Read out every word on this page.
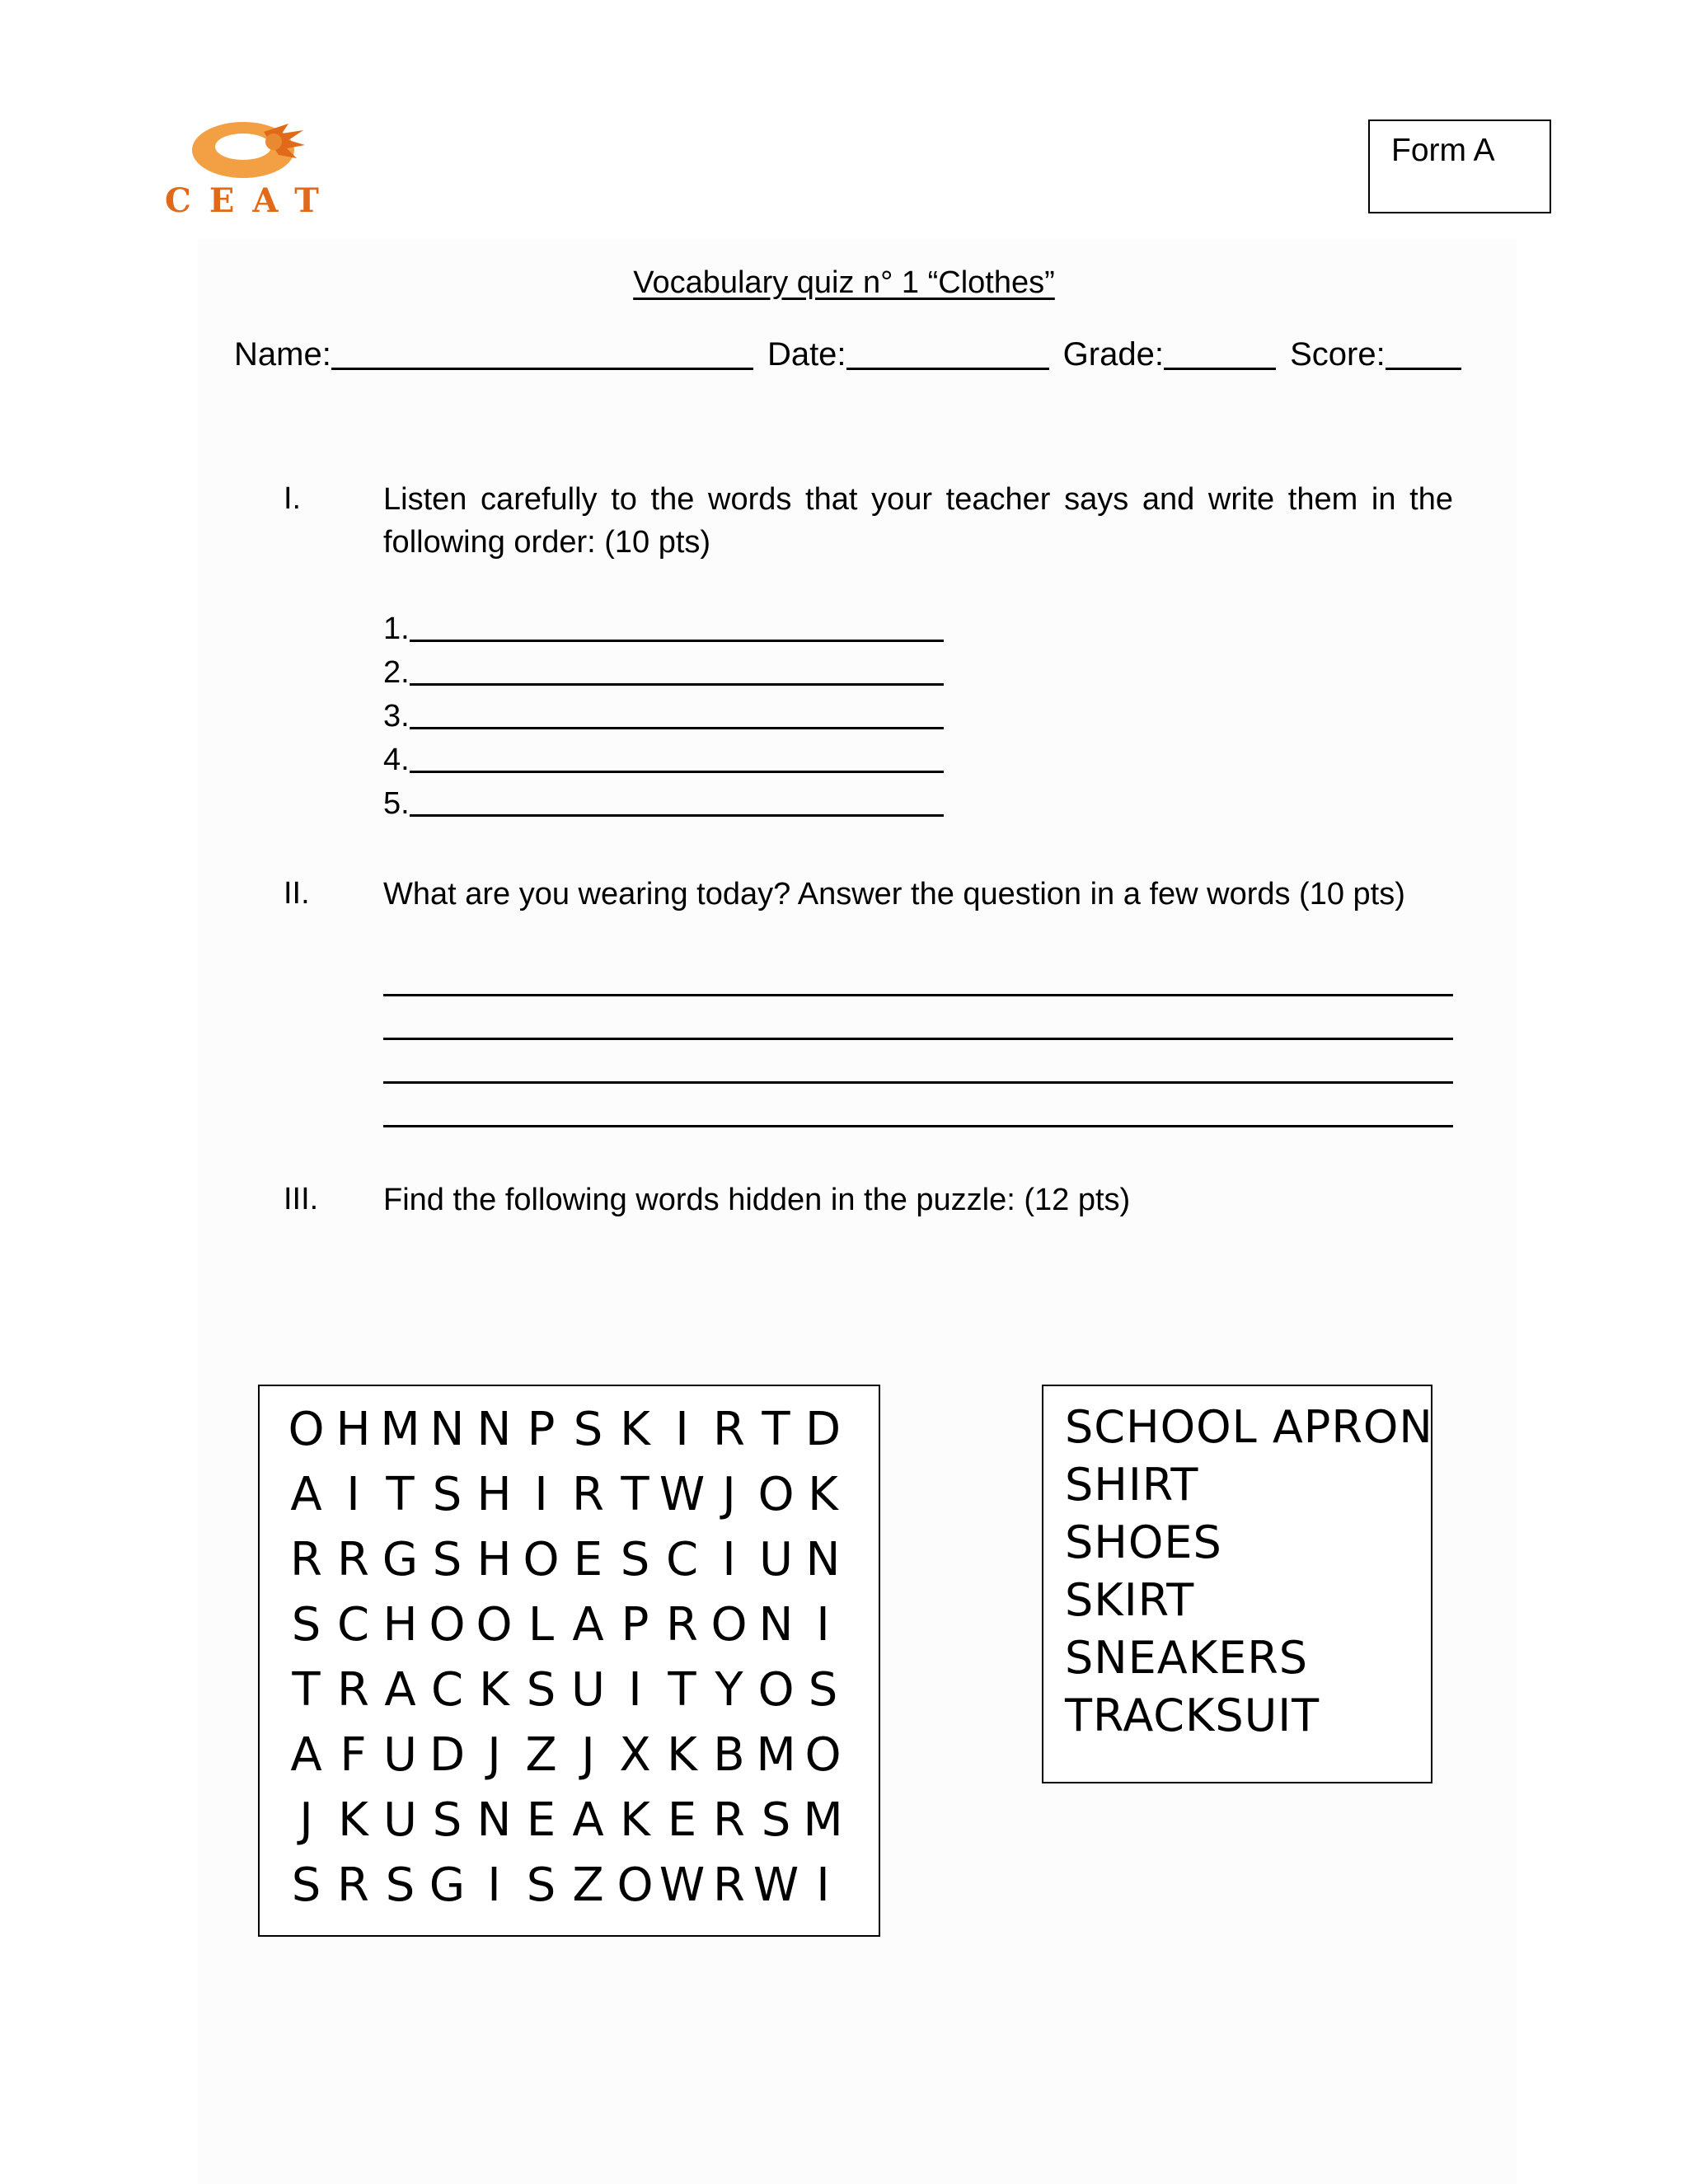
CEAT
Form A
Vocabulary quiz n° 1 “Clothes”
Name:	Date:	Grade:	Score:
I.	Listen carefully to the words that your teacher says and write them in the following order: (10 pts)
1.
2.
3.
4.
5.
II. What are you wearing today? Answer the question in a few words (10 pts)
III. Find the following words hidden in the puzzle: (12 pts)
O H M N N P S K I R T D
A I T S H I R T W J O K
R R G S H O E S C I U N
S C H O O L A P R O N I
T R A C K S U I T Y O S
A F U D J Z J X K B M O
J K U S N E A K E R S M
S R S G I S Z O W R W I
SCHOOL APRON
SHIRT
SHOES
SKIRT
SNEAKERS
TRACKSUIT
